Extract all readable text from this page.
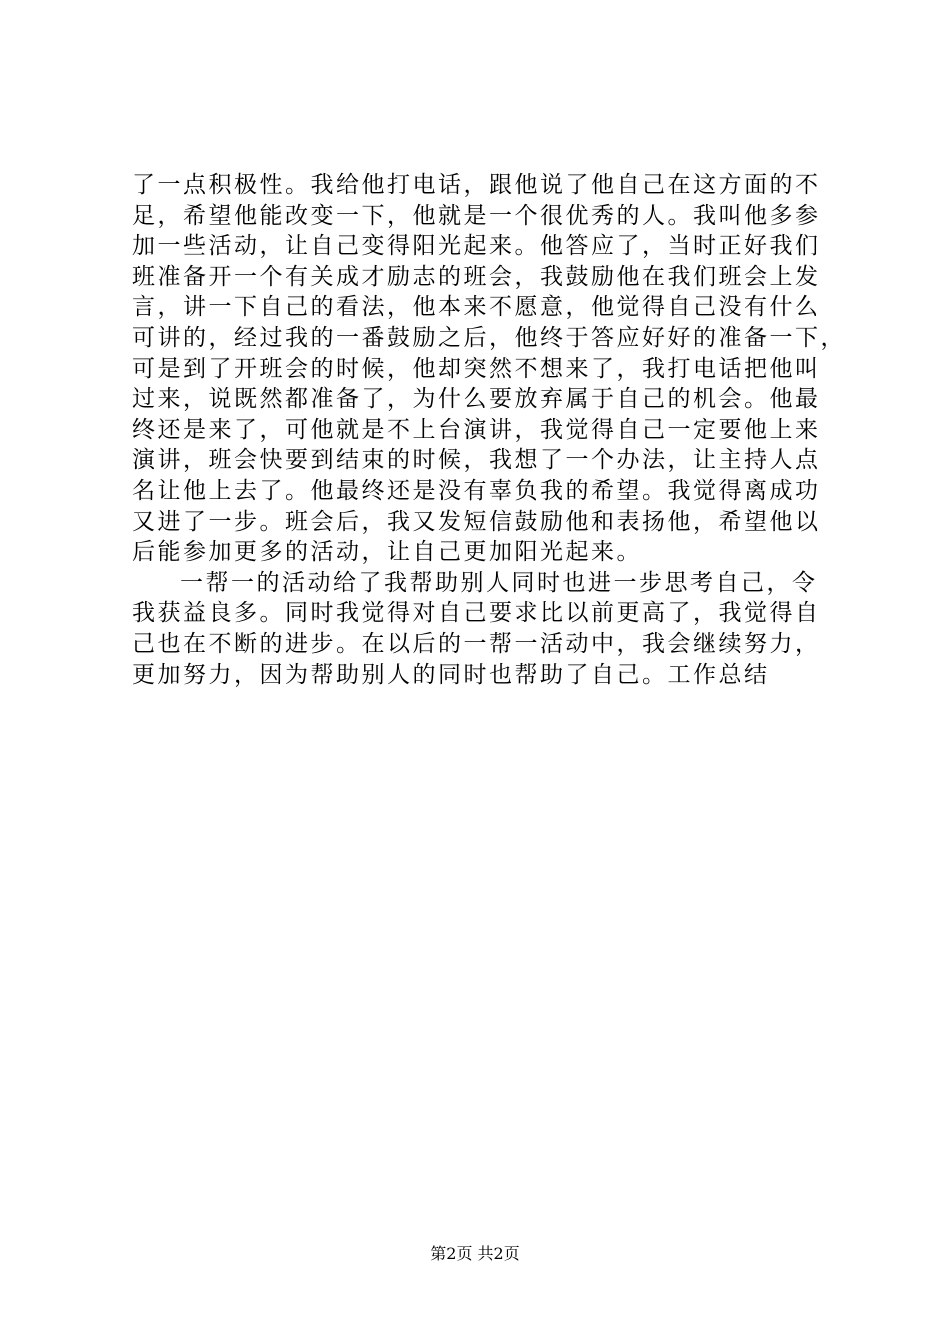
了一点积极性。我给他打电话，跟他说了他自己在这方面的不
足，希望他能改变一下，他就是一个很优秀的人。我叫他多参
加一些活动，让自己变得阳光起来。他答应了，当时正好我们
班准备开一个有关成才励志的班会，我鼓励他在我们班会上发
言，讲一下自己的看法，他本来不愿意，他觉得自己没有什么
可讲的，经过我的一番鼓励之后，他终于答应好好的准备一下，
可是到了开班会的时候，他却突然不想来了，我打电话把他叫
过来，说既然都准备了，为什么要放弃属于自己的机会。他最
终还是来了，可他就是不上台演讲，我觉得自己一定要他上来
演讲，班会快要到结束的时候，我想了一个办法，让主持人点
名让他上去了。他最终还是没有辜负我的希望。我觉得离成功
又进了一步。班会后，我又发短信鼓励他和表扬他，希望他以
后能参加更多的活动，让自己更加阳光起来。
一帮一的活动给了我帮助别人同时也进一步思考自己，令
我获益良多。同时我觉得对自己要求比以前更高了，我觉得自
己也在不断的进步。在以后的一帮一活动中，我会继续努力，
更加努力，因为帮助别人的同时也帮助了自己。工作总结
第2页 共2页
